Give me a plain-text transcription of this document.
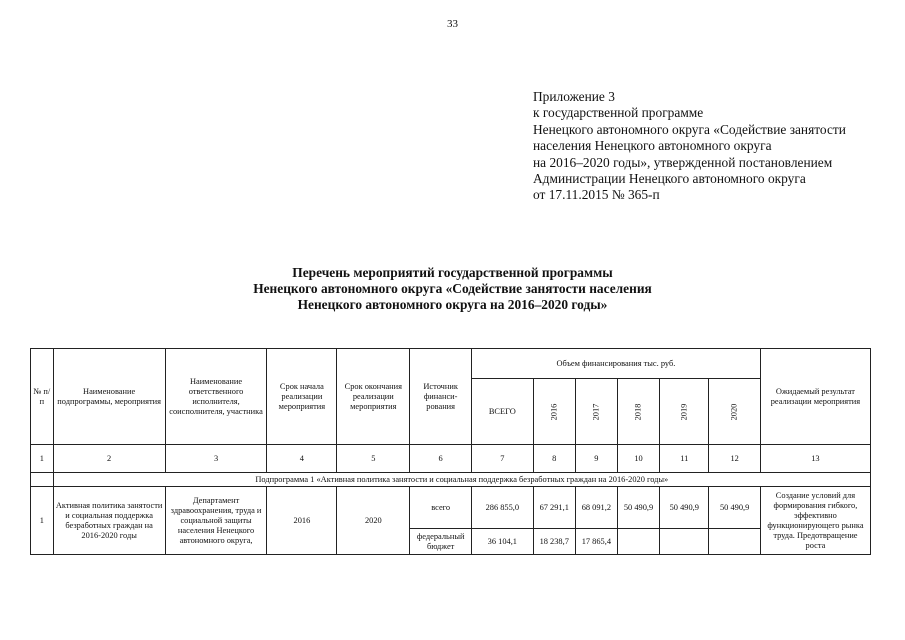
33
Приложение 3
к государственной программе
Ненецкого автономного округа «Содействие занятости
населения Ненецкого автономного округа
на 2016–2020 годы», утвержденной постановлением
Администрации Ненецкого автономного округа
от 17.11.2015 № 365-п
Перечень мероприятий государственной программы
Ненецкого автономного округа «Содействие занятости населения
Ненецкого автономного округа на 2016–2020 годы»
№ п/п	Наименование подпрограммы, мероприятия	Наименование ответственного исполнителя, соисполнителя, участника	Срок начала реализации мероприятия	Срок окончания реализации мероприятия	Источник финанси-рования	Объем финансирования тыс. руб.						Ожидаемый результат реализации мероприятия
						ВСЕГО	2016	2017	2018	2019	2020	
1	2	3	4	5	6	7	8	9	10	11	12	13
	Подпрограмма 1 «Активная политика занятости и социальная поддержка безработных граждан на 2016-2020 годы»											
1	Активная политика занятости и социальная поддержка безработных граждан на 2016-2020 годы	Департамент здравоохранения, труда и социальной защиты населения Ненецкого автономного округа,	2016	2020	всего	286 855,0	67 291,1	68 091,2	50 490,9	50 490,9	50 490,9	Создание условий для формирования гибкого, эффективно функционирующего рынка труда. Предотвращение роста
					федеральный бюджет	36 104,1	18 238,7	17 865,4				
